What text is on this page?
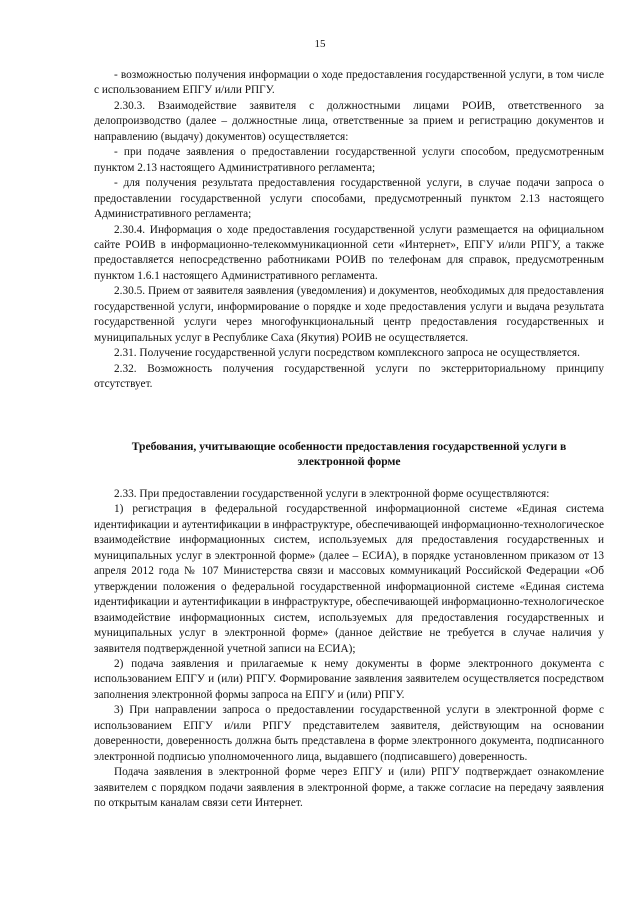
15

- возможностью получения информации о ходе предоставления государственной услуги, в том числе с использованием ЕПГУ и/или РПГУ.

2.30.3. Взаимодействие заявителя с должностными лицами РОИВ, ответственного за делопроизводство (далее – должностные лица, ответственные за прием и регистрацию документов и направлению (выдачу) документов) осуществляется:

- при подаче заявления о предоставлении государственной услуги способом, предусмотренным пунктом 2.13 настоящего Административного регламента;

- для получения результата предоставления государственной услуги, в случае подачи запроса о предоставлении государственной услуги способами, предусмотренный пунктом 2.13 настоящего Административного регламента;

2.30.4. Информация о ходе предоставления государственной услуги размещается на официальном сайте РОИВ в информационно-телекоммуникационной сети «Интернет», ЕПГУ и/или РПГУ, а также предоставляется непосредственно работниками РОИВ по телефонам для справок, предусмотренным пунктом 1.6.1 настоящего Административного регламента.

2.30.5. Прием от заявителя заявления (уведомления) и документов, необходимых для предоставления государственной услуги, информирование о порядке и ходе предоставления услуги и выдача результата государственной услуги через многофункциональный центр предоставления государственных и муниципальных услуг в Республике Саха (Якутия) РОИВ не осуществляется.

2.31. Получение государственной услуги посредством комплексного запроса не осуществляется.

2.32. Возможность получения государственной услуги по экстерриториальному принципу отсутствует.

Требования, учитывающие особенности предоставления государственной услуги в

электронной форме

2.33. При предоставлении государственной услуги в электронной форме осуществляются:

1) регистрация в федеральной государственной информационной системе «Единая система идентификации и аутентификации в инфраструктуре, обеспечивающей информационно-технологическое взаимодействие информационных систем, используемых для предоставления государственных и муниципальных услуг в электронной форме» (далее – ЕСИА), в порядке установленном приказом от 13 апреля 2012 года № 107 Министерства связи и массовых коммуникаций Российской Федерации «Об утверждении положения о федеральной государственной информационной системе «Единая система идентификации и аутентификации в инфраструктуре, обеспечивающей информационно-технологическое взаимодействие информационных систем, используемых для предоставления государственных и муниципальных услуг в электронной форме» (данное действие не требуется в случае наличия у заявителя подтвержденной учетной записи на ЕСИА);

2) подача заявления и прилагаемые к нему документы в форме электронного документа с использованием ЕПГУ и (или) РПГУ. Формирование заявления заявителем осуществляется посредством заполнения электронной формы запроса на ЕПГУ и (или) РПГУ.

3) При направлении запроса о предоставлении государственной услуги в электронной форме с использованием ЕПГУ и/или РПГУ представителем заявителя, действующим на основании доверенности, доверенность должна быть представлена в форме электронного документа, подписанного электронной подписью уполномоченного лица, выдавшего (подписавшего) доверенность.

Подача заявления в электронной форме через ЕПГУ и (или) РПГУ подтверждает ознакомление заявителем с порядком подачи заявления в электронной форме, а также согласие на передачу заявления по открытым каналам связи сети Интернет.
